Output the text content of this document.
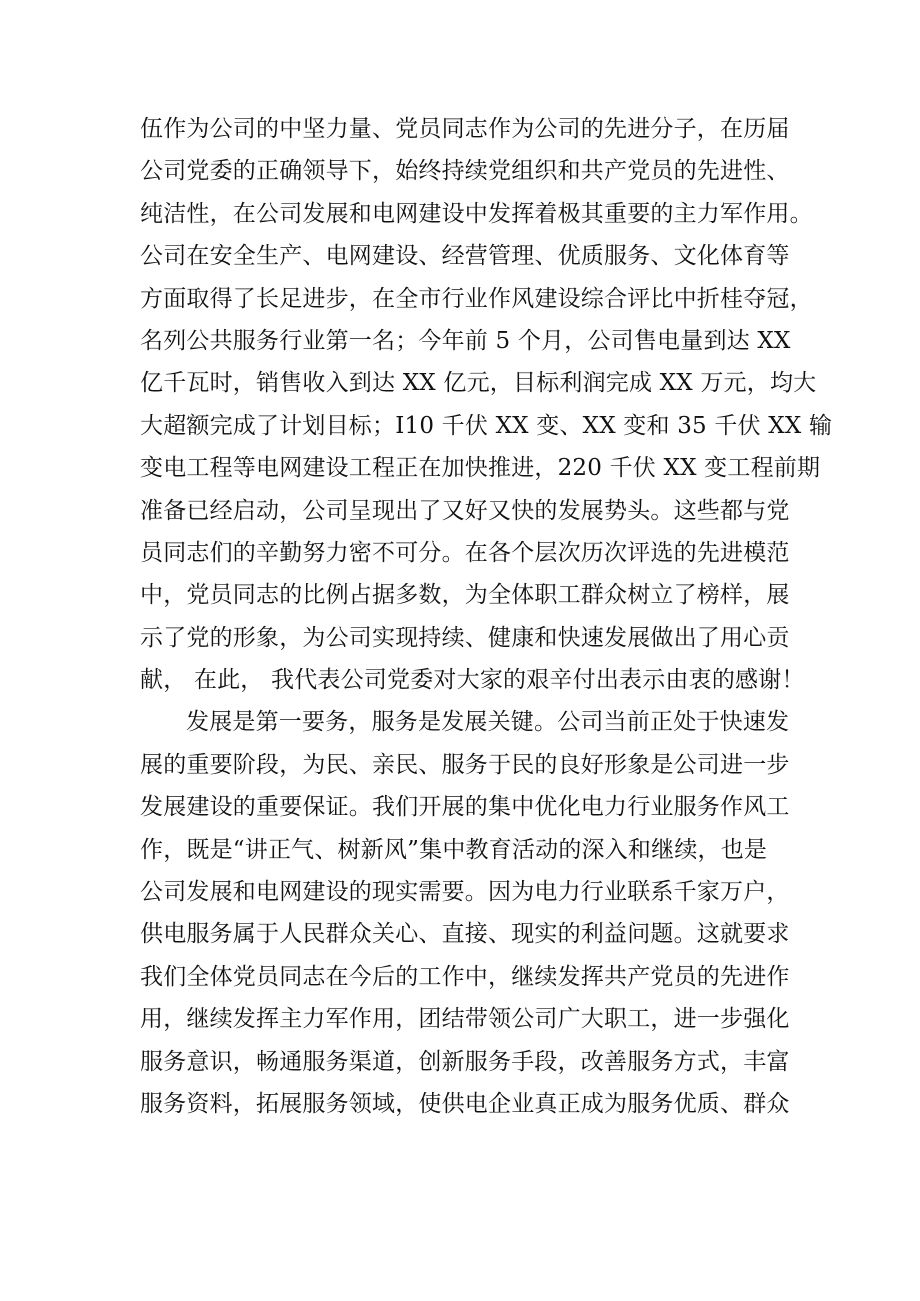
伍作为公司的中坚力量、党员同志作为公司的先进分子，在历届
公司党委的正确领导下，始终持续党组织和共产党员的先进性、
纯洁性，在公司发展和电网建设中发挥着极其重要的主力军作用。
公司在安全生产、电网建设、经营管理、优质服务、文化体育等
方面取得了长足进步，在全市行业作风建设综合评比中折桂夺冠，
名列公共服务行业第一名；今年前 5 个月，公司售电量到达 XX
亿千瓦时，销售收入到达 XX 亿元，目标利润完成 XX 万元，均大
大超额完成了计划目标；I10 千伏 XX 变、XX 变和 35 千伏 XX 输
变电工程等电网建设工程正在加快推进，220 千伏 XX 变工程前期
准备已经启动，公司呈现出了又好又快的发展势头。这些都与党
员同志们的辛勤努力密不可分。在各个层次历次评选的先进模范
中，党员同志的比例占据多数，为全体职工群众树立了榜样，展
示了党的形象，为公司实现持续、健康和快速发展做出了用心贡
献， 在此， 我代表公司党委对大家的艰辛付出表示由衷的感谢！
发展是第一要务，服务是发展关键。公司当前正处于快速发
展的重要阶段，为民、亲民、服务于民的良好形象是公司进一步
发展建设的重要保证。我们开展的集中优化电力行业服务作风工
作，既是“讲正气、树新风”集中教育活动的深入和继续，也是
公司发展和电网建设的现实需要。因为电力行业联系千家万户，
供电服务属于人民群众关心、直接、现实的利益问题。这就要求
我们全体党员同志在今后的工作中，继续发挥共产党员的先进作
用，继续发挥主力军作用，团结带领公司广大职工，进一步强化
服务意识，畅通服务渠道，创新服务手段，改善服务方式，丰富
服务资料，拓展服务领域，使供电企业真正成为服务优质、群众
